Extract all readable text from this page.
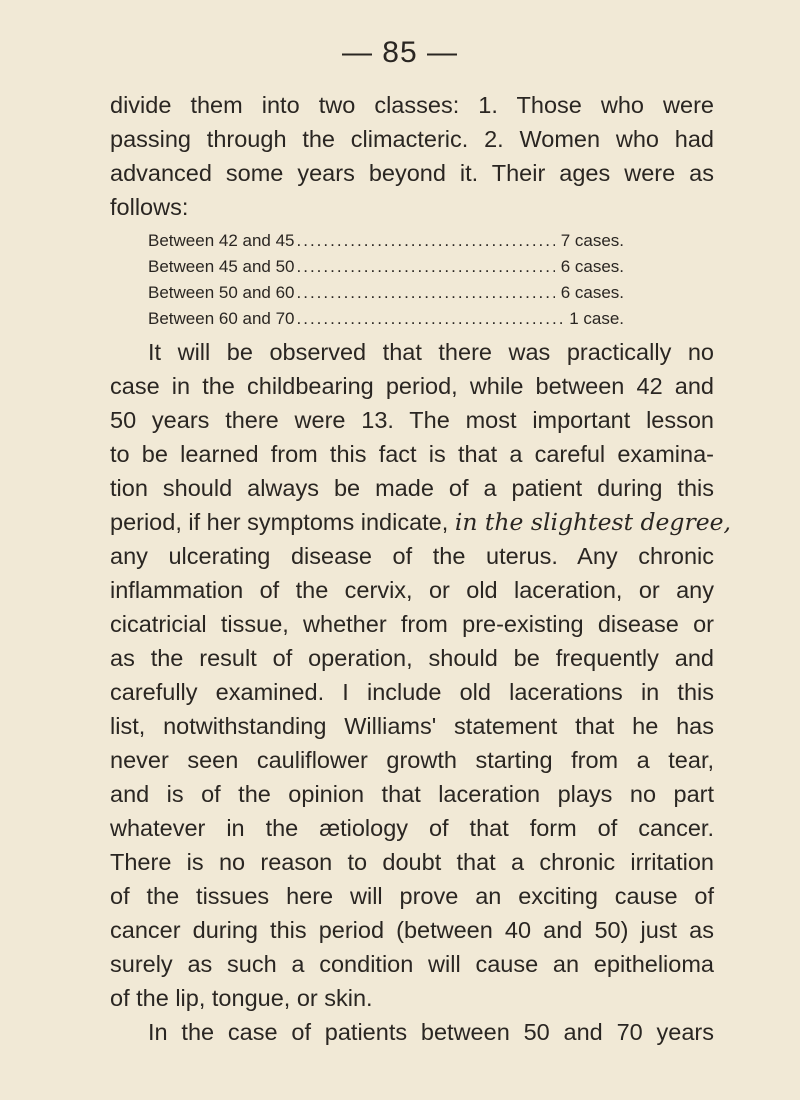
— 85 —
divide them into two classes: 1. Those who were
passing through the climacteric. 2. Women who had
advanced some years beyond it. Their ages were as
follows:
Between 42 and 45 .....	7 cases.
Between 45 and 50 .....	6 cases.
Between 50 and 60 .....	6 cases.
Between 60 and 70 .....	1 case.
It will be observed that there was practically no
case in the childbearing period, while between 42 and
50 years there were 13. The most important lesson
to be learned from this fact is that a careful examina-
tion should always be made of a patient during this
period, if her symptoms indicate, in the slightest degree,
any ulcerating disease of the uterus. Any chronic
inflammation of the cervix, or old laceration, or any
cicatricial tissue, whether from pre-existing disease or
as the result of operation, should be frequently and
carefully examined. I include old lacerations in this
list, notwithstanding Williams' statement that he has
never seen cauliflower growth starting from a tear,
and is of the opinion that laceration plays no part
whatever in the ætiology of that form of cancer.
There is no reason to doubt that a chronic irritation
of the tissues here will prove an exciting cause of
cancer during this period (between 40 and 50) just as
surely as such a condition will cause an epithelioma
of the lip, tongue, or skin.
In the case of patients between 50 and 70 years
